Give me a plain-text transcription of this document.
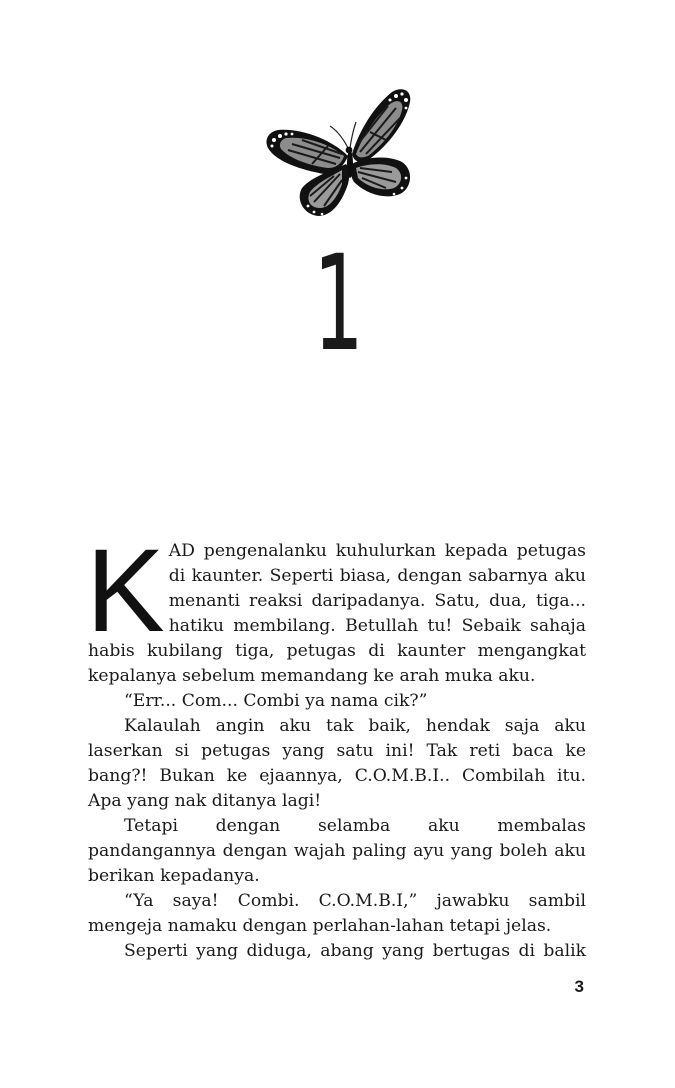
1

KAD pengenalanku kuhulurkan kepada petugas di kaunter. Seperti biasa, dengan sabarnya aku menanti reaksi daripadanya. Satu, dua, tiga... hatiku membilang. Betullah tu! Sebaik sahaja habis kubilang tiga, petugas di kaunter mengangkat kepalanya sebelum memandang ke arah muka aku.

“Err... Com... Combi ya nama cik?”

Kalaulah angin aku tak baik, hendak saja aku laserkan si petugas yang satu ini! Tak reti baca ke bang?! Bukan ke ejaannya, C.O.M.B.I.. Combilah itu. Apa yang nak ditanya lagi!

Tetapi dengan selamba aku membalas pandangannya dengan wajah paling ayu yang boleh aku berikan kepadanya.

“Ya saya! Combi. C.O.M.B.I,” jawabku sambil mengeja namaku dengan perlahan-lahan tetapi jelas.

Seperti yang diduga, abang yang bertugas di balik

3
